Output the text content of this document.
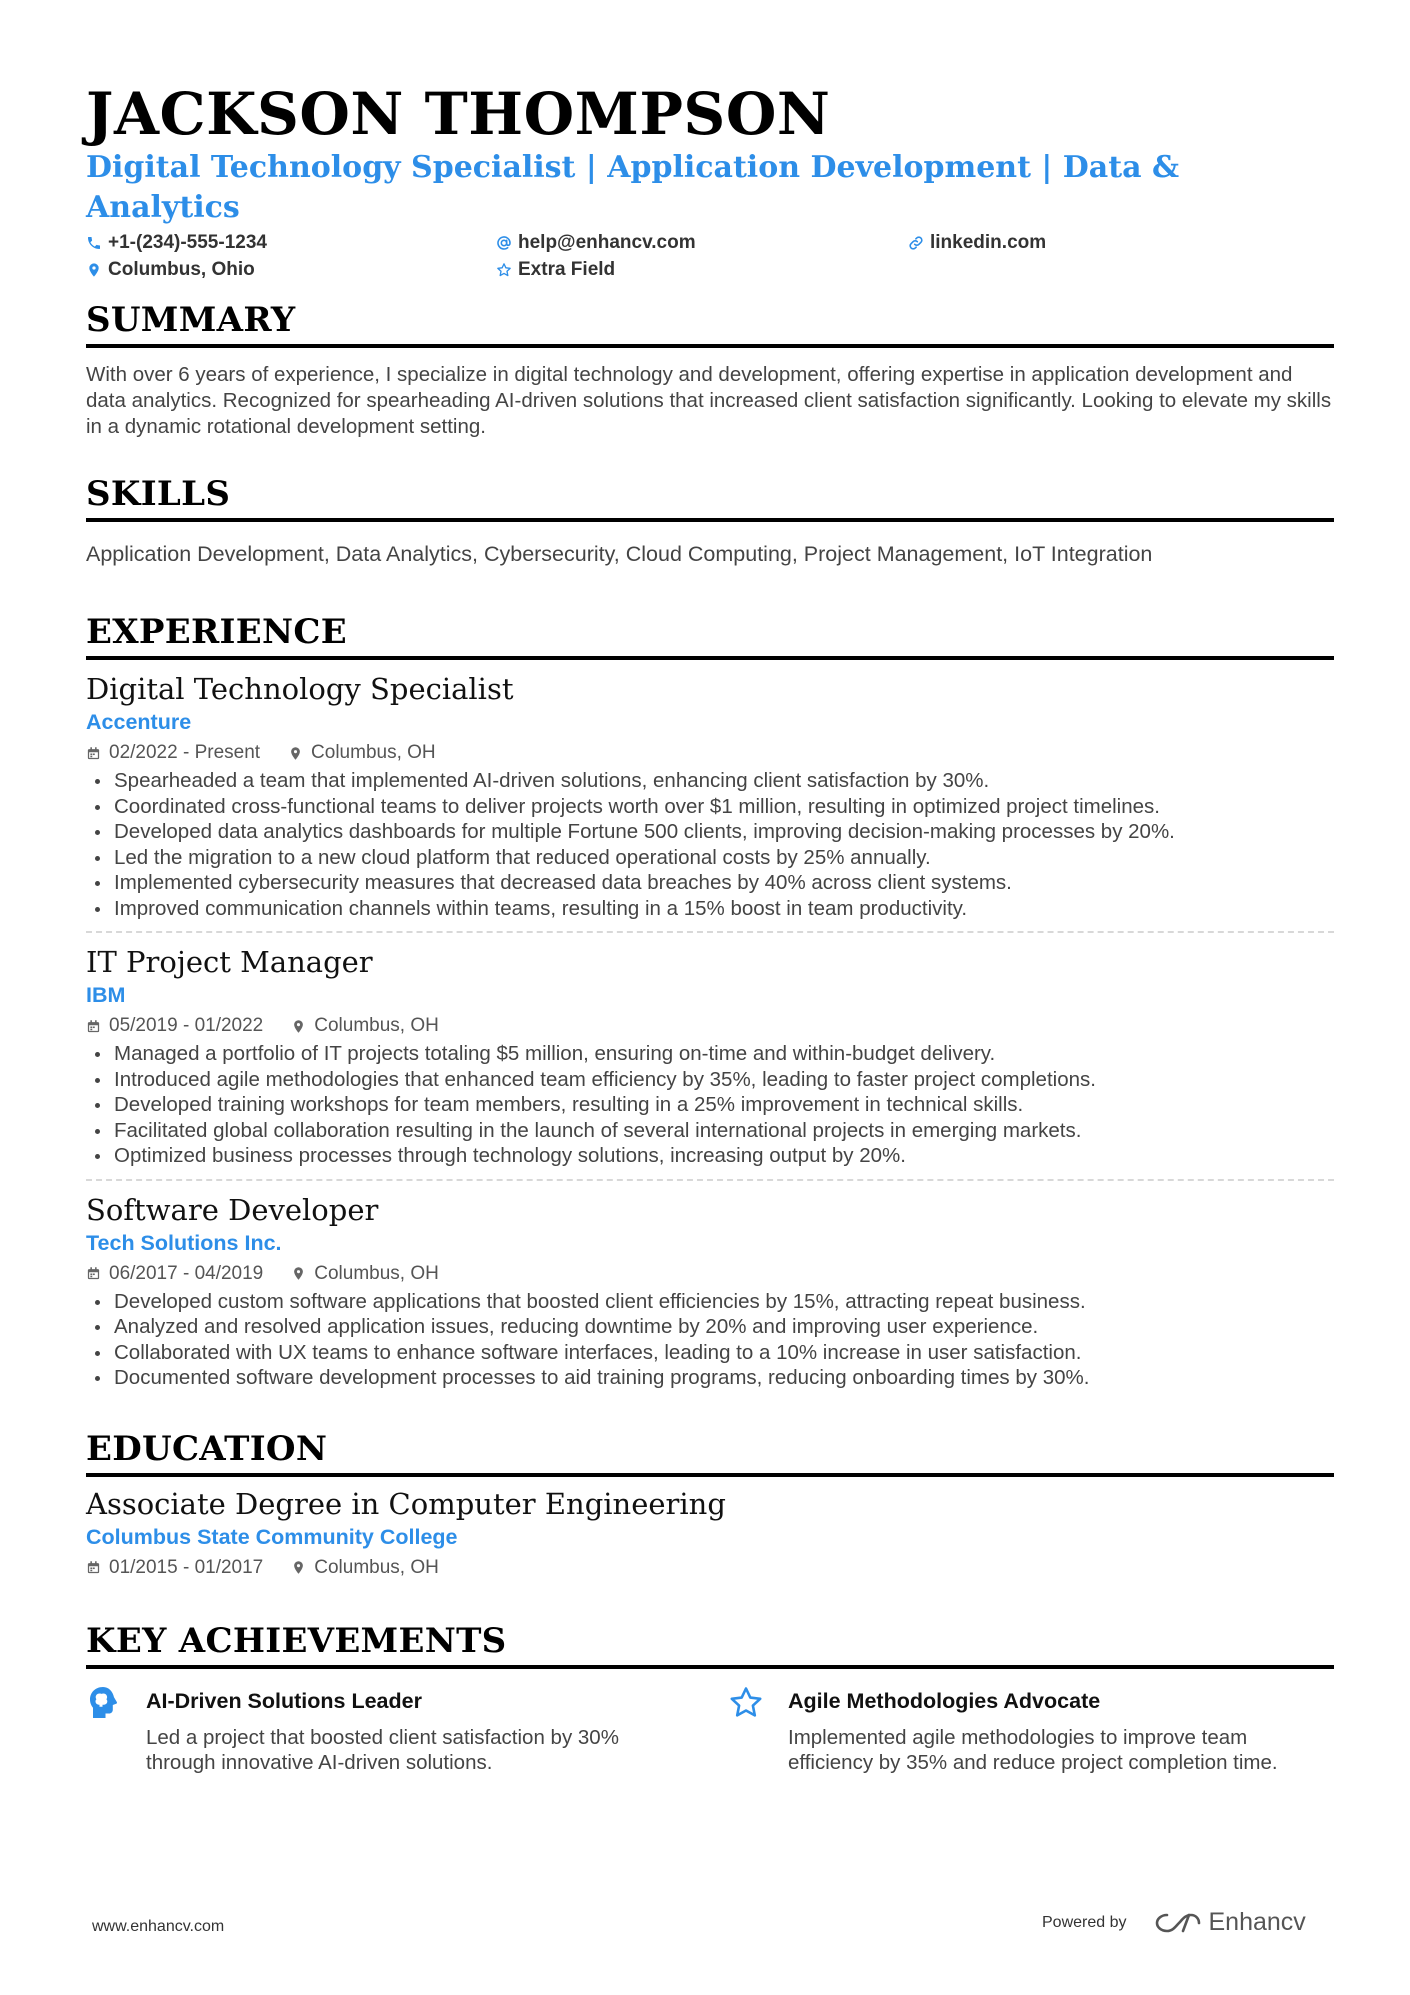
JACKSON THOMPSON
Digital Technology Specialist | Application Development | Data & Analytics
+1-(234)-555-1234	help@enhancv.com	linkedin.com
Columbus, Ohio	Extra Field
SUMMARY
With over 6 years of experience, I specialize in digital technology and development, offering expertise in application development and data analytics. Recognized for spearheading AI-driven solutions that increased client satisfaction significantly. Looking to elevate my skills in a dynamic rotational development setting.
SKILLS
Application Development, Data Analytics, Cybersecurity, Cloud Computing, Project Management, IoT Integration
EXPERIENCE
Digital Technology Specialist
Accenture
02/2022 - Present	Columbus, OH
Spearheaded a team that implemented AI-driven solutions, enhancing client satisfaction by 30%.
Coordinated cross-functional teams to deliver projects worth over $1 million, resulting in optimized project timelines.
Developed data analytics dashboards for multiple Fortune 500 clients, improving decision-making processes by 20%.
Led the migration to a new cloud platform that reduced operational costs by 25% annually.
Implemented cybersecurity measures that decreased data breaches by 40% across client systems.
Improved communication channels within teams, resulting in a 15% boost in team productivity.
IT Project Manager
IBM
05/2019 - 01/2022	Columbus, OH
Managed a portfolio of IT projects totaling $5 million, ensuring on-time and within-budget delivery.
Introduced agile methodologies that enhanced team efficiency by 35%, leading to faster project completions.
Developed training workshops for team members, resulting in a 25% improvement in technical skills.
Facilitated global collaboration resulting in the launch of several international projects in emerging markets.
Optimized business processes through technology solutions, increasing output by 20%.
Software Developer
Tech Solutions Inc.
06/2017 - 04/2019	Columbus, OH
Developed custom software applications that boosted client efficiencies by 15%, attracting repeat business.
Analyzed and resolved application issues, reducing downtime by 20% and improving user experience.
Collaborated with UX teams to enhance software interfaces, leading to a 10% increase in user satisfaction.
Documented software development processes to aid training programs, reducing onboarding times by 30%.
EDUCATION
Associate Degree in Computer Engineering
Columbus State Community College
01/2015 - 01/2017	Columbus, OH
KEY ACHIEVEMENTS
AI-Driven Solutions Leader
Led a project that boosted client satisfaction by 30% through innovative AI-driven solutions.
Agile Methodologies Advocate
Implemented agile methodologies to improve team efficiency by 35% and reduce project completion time.
www.enhancv.com	Powered by	Enhancv
